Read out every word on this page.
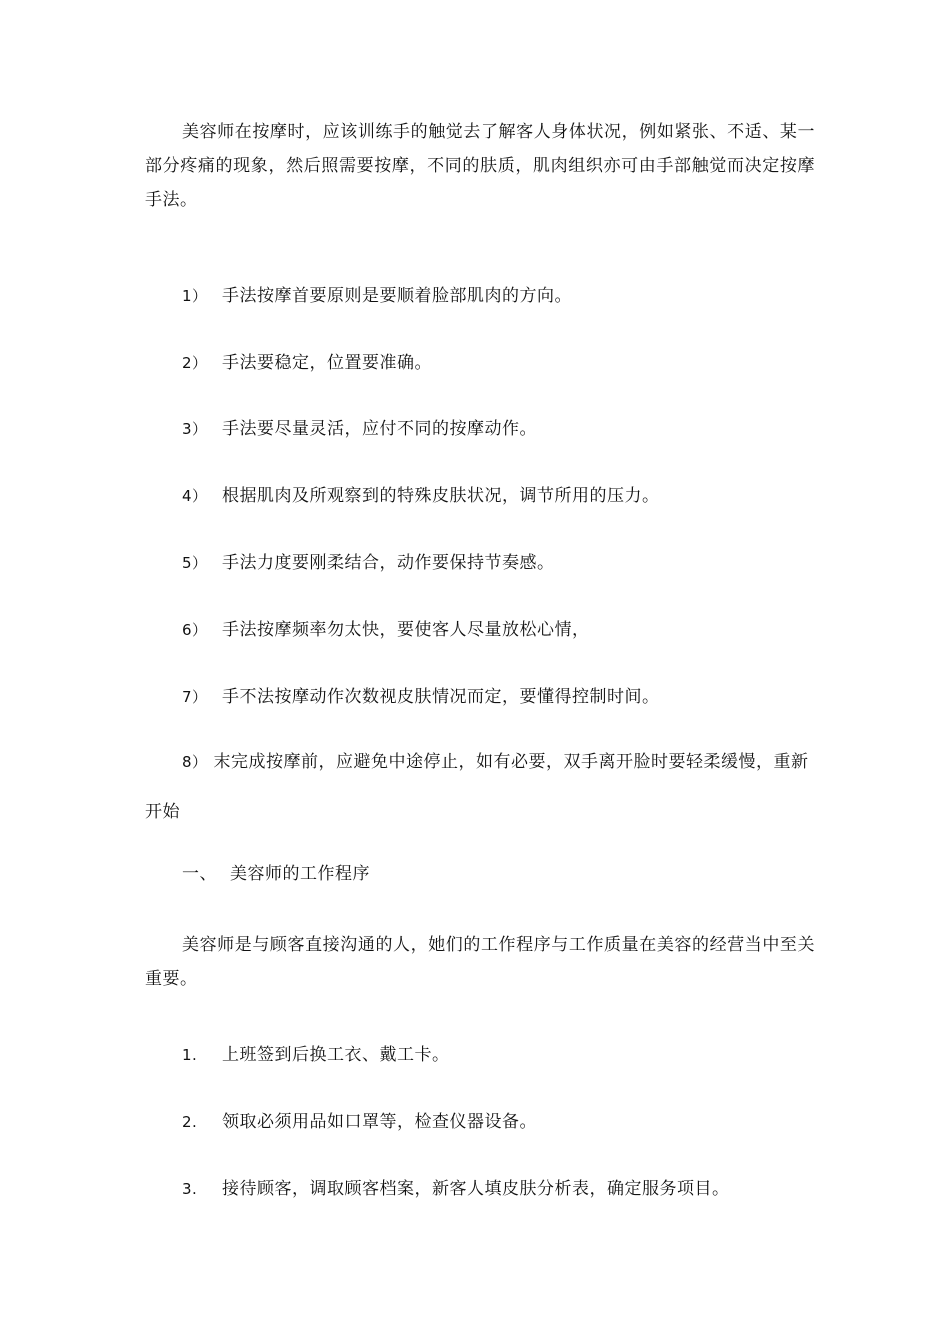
美容师在按摩时，应该训练手的触觉去了解客人身体状况，例如紧张、不适、某一部分疼痛的现象，然后照需要按摩，不同的肤质，肌肉组织亦可由手部触觉而决定按摩手法。

1） 手法按摩首要原则是要顺着脸部肌肉的方向。
2） 手法要稳定，位置要准确。
3） 手法要尽量灵活，应付不同的按摩动作。
4） 根据肌肉及所观察到的特殊皮肤状况，调节所用的压力。
5） 手法力度要刚柔结合，动作要保持节奏感。
6） 手法按摩频率勿太快，要使客人尽量放松心情，
7） 手不法按摩动作次数视皮肤情况而定，要懂得控制时间。

8） 末完成按摩前，应避免中途停止，如有必要，双手离开脸时要轻柔缓慢，重新开始

一、 美容师的工作程序

美容师是与顾客直接沟通的人，她们的工作程序与工作质量在美容的经营当中至关重要。

1. 上班签到后换工衣、戴工卡。
2. 领取必须用品如口罩等，检查仪器设备。
3. 接待顾客，调取顾客档案，新客人填皮肤分析表，确定服务项目。
